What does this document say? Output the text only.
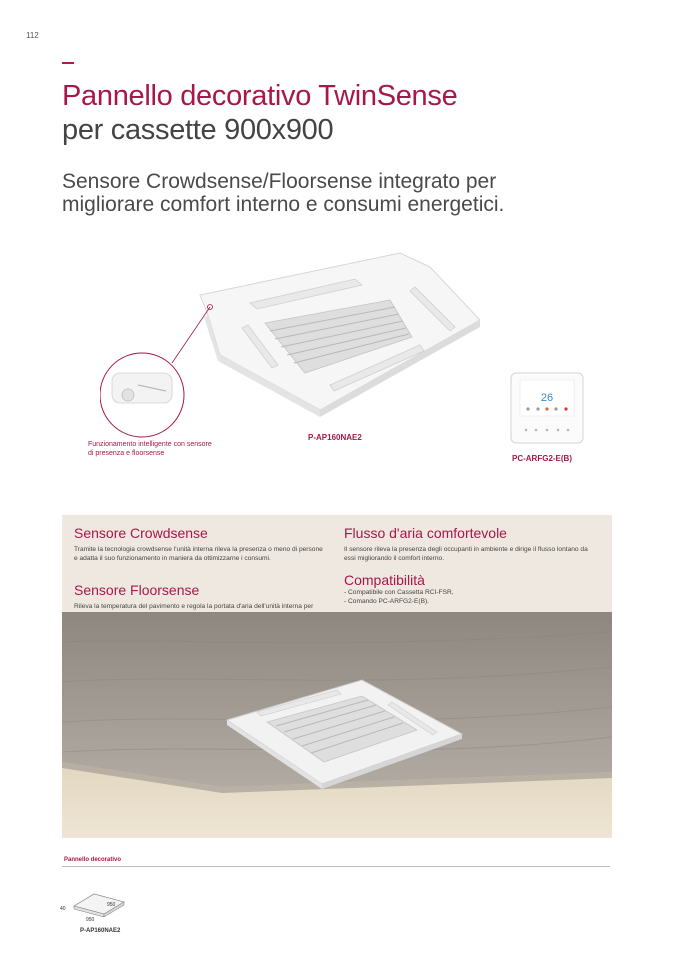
112
Pannello decorativo TwinSense
per cassette 900x900
Sensore Crowdsense/Floorsense integrato per migliorare comfort interno e consumi energetici.
Funzionamento intelligente con sensore di presenza e floorsense
P-AP160NAE2
26
PC-ARFG2-E(B)
Sensore Crowdsense
Tramite la tecnologia crowdsense l'unità interna rileva la presenza o meno di persone e adatta il suo funzionamento in maniera da ottimizzarne i consumi.
Sensore Floorsense
Rileva la temperatura del pavimento e regola la portata d'aria dell'unità interna per
Flusso d'aria comfortevole
Il sensore rileva la presenza degli occupanti in ambiente e dirige il flusso lontano da essi migliorando il comfort interno.
Compatibilità
- Compatibile con Cassetta RCI-FSR,
- Comando PC-ARFG2-E(B).
Pannello decorativo
40
950
950
P-AP160NAE2
